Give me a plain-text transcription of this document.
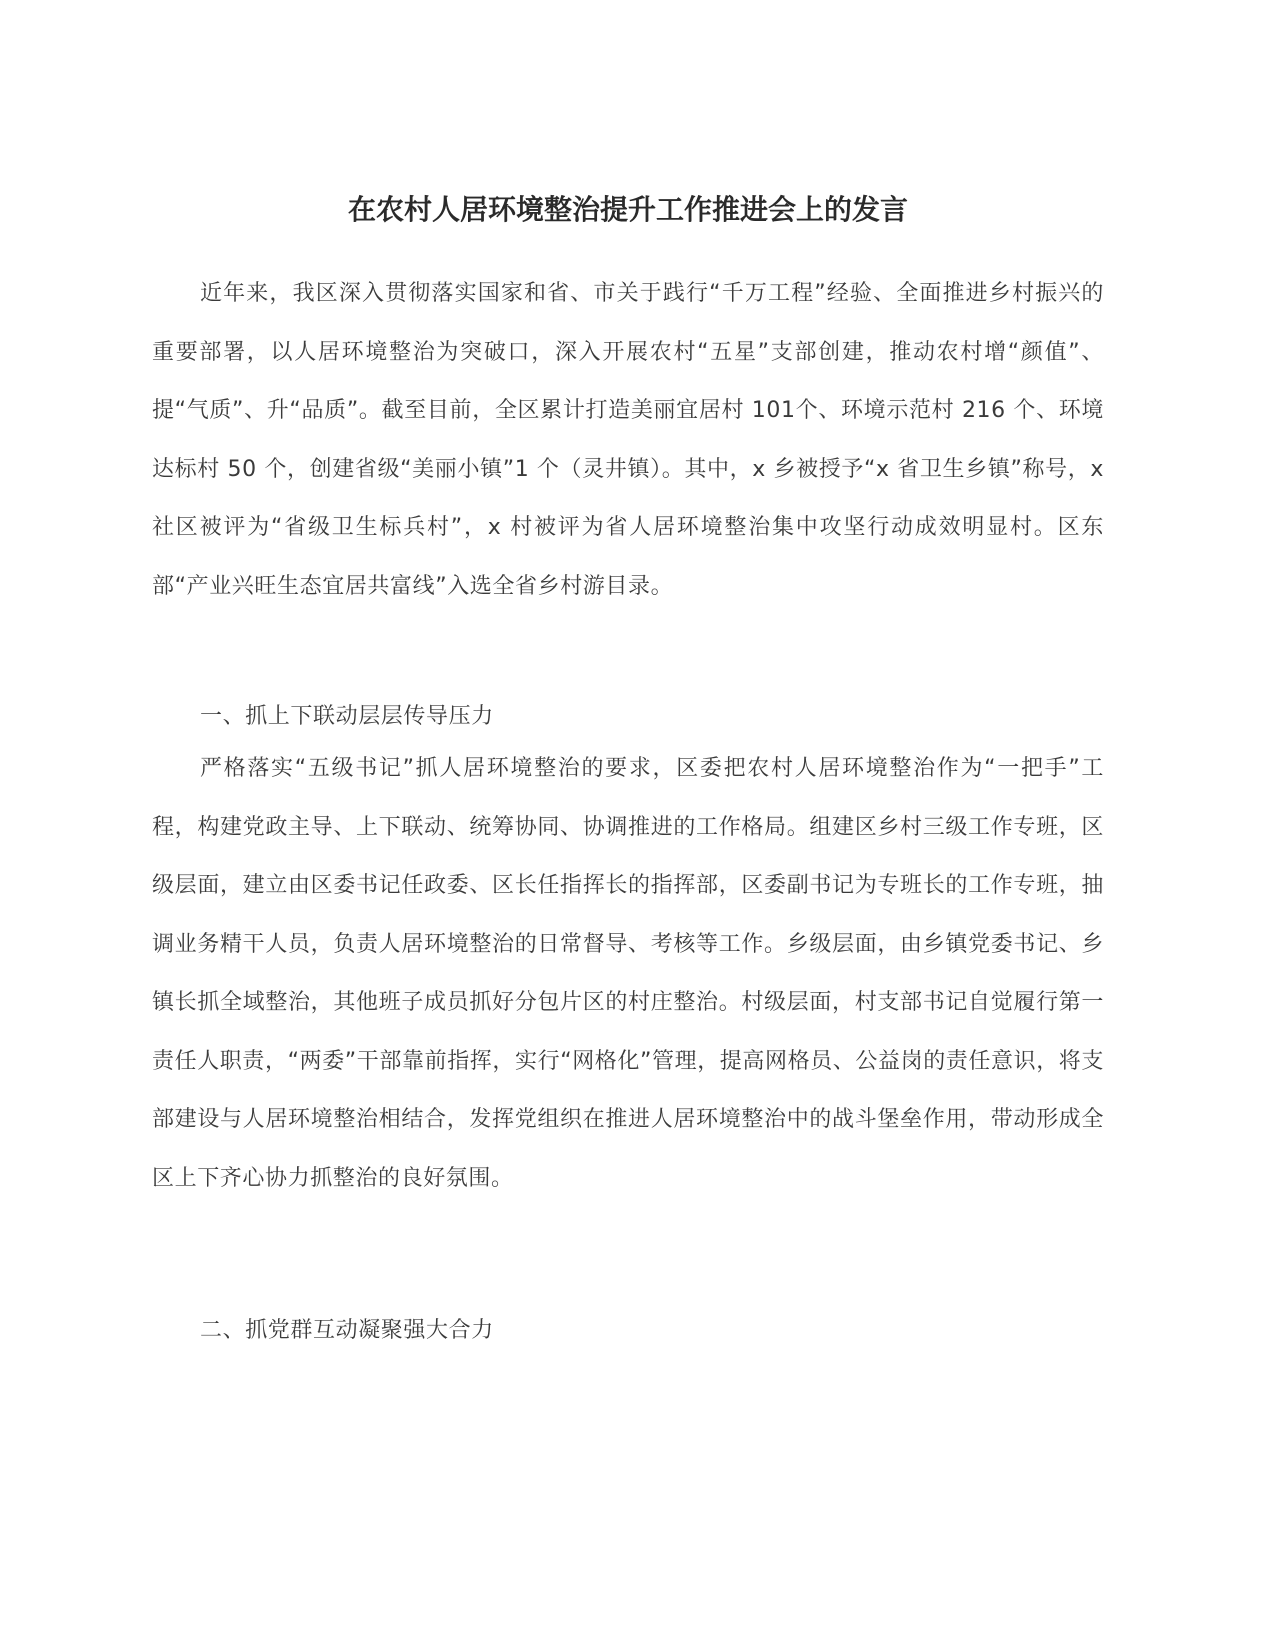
在农村人居环境整治提升工作推进会上的发言

近年来，我区深入贯彻落实国家和省、市关于践行“千万工程”经验、全面推进乡村振兴的重要部署，以人居环境整治为突破口，深入开展农村“五星”支部创建，推动农村增“颜值”、提“气质”、升“品质”。截至目前，全区累计打造美丽宜居村 101个、环境示范村 216 个、环境达标村 50 个，创建省级“美丽小镇”1 个（灵井镇）。其中，x 乡被授予“x 省卫生乡镇”称号，x 社区被评为“省级卫生标兵村”，x 村被评为省人居环境整治集中攻坚行动成效明显村。区东部“产业兴旺生态宜居共富线”入选全省乡村游目录。

一、抓上下联动层层传导压力

严格落实“五级书记”抓人居环境整治的要求，区委把农村人居环境整治作为“一把手”工程，构建党政主导、上下联动、统筹协同、协调推进的工作格局。组建区乡村三级工作专班，区级层面，建立由区委书记任政委、区长任指挥长的指挥部，区委副书记为专班长的工作专班，抽调业务精干人员，负责人居环境整治的日常督导、考核等工作。乡级层面，由乡镇党委书记、乡镇长抓全域整治，其他班子成员抓好分包片区的村庄整治。村级层面，村支部书记自觉履行第一责任人职责，“两委”干部靠前指挥，实行“网格化”管理，提高网格员、公益岗的责任意识，将支部建设与人居环境整治相结合，发挥党组织在推进人居环境整治中的战斗堡垒作用，带动形成全区上下齐心协力抓整治的良好氛围。

二、抓党群互动凝聚强大合力
